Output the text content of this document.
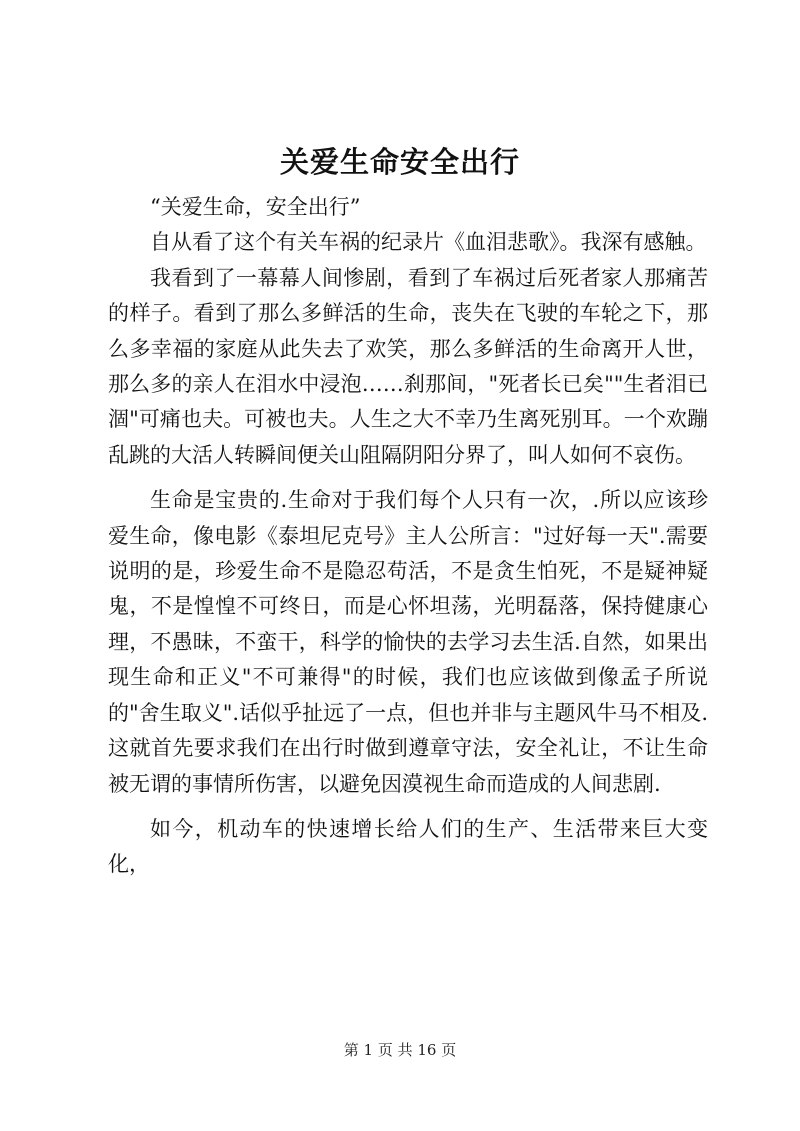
关爱生命安全出行

“关爱生命，安全出行”

自从看了这个有关车祸的纪录片《血泪悲歌》。我深有感触。

我看到了一幕幕人间惨剧，看到了车祸过后死者家人那痛苦的样子。看到了那么多鲜活的生命，丧失在飞驶的车轮之下，那么多幸福的家庭从此失去了欢笑，那么多鲜活的生命离开人世，那么多的亲人在泪水中浸泡……刹那间，"死者长已矣""生者泪已涸"可痛也夫。可被也夫。人生之大不幸乃生离死别耳。一个欢蹦乱跳的大活人转瞬间便关山阻隔阴阳分界了，叫人如何不哀伤。

生命是宝贵的.生命对于我们每个人只有一次，.所以应该珍爱生命，像电影《泰坦尼克号》主人公所言："过好每一天".需要说明的是，珍爱生命不是隐忍苟活，不是贪生怕死，不是疑神疑鬼，不是惶惶不可终日，而是心怀坦荡，光明磊落，保持健康心理，不愚昧，不蛮干，科学的愉快的去学习去生活.自然，如果出现生命和正义"不可兼得"的时候，我们也应该做到像孟子所说的"舍生取义".话似乎扯远了一点，但也并非与主题风牛马不相及.这就首先要求我们在出行时做到遵章守法，安全礼让，不让生命被无谓的事情所伤害，以避免因漠视生命而造成的人间悲剧.

如今，机动车的快速增长给人们的生产、生活带来巨大变化，

第 1 页 共 16 页
